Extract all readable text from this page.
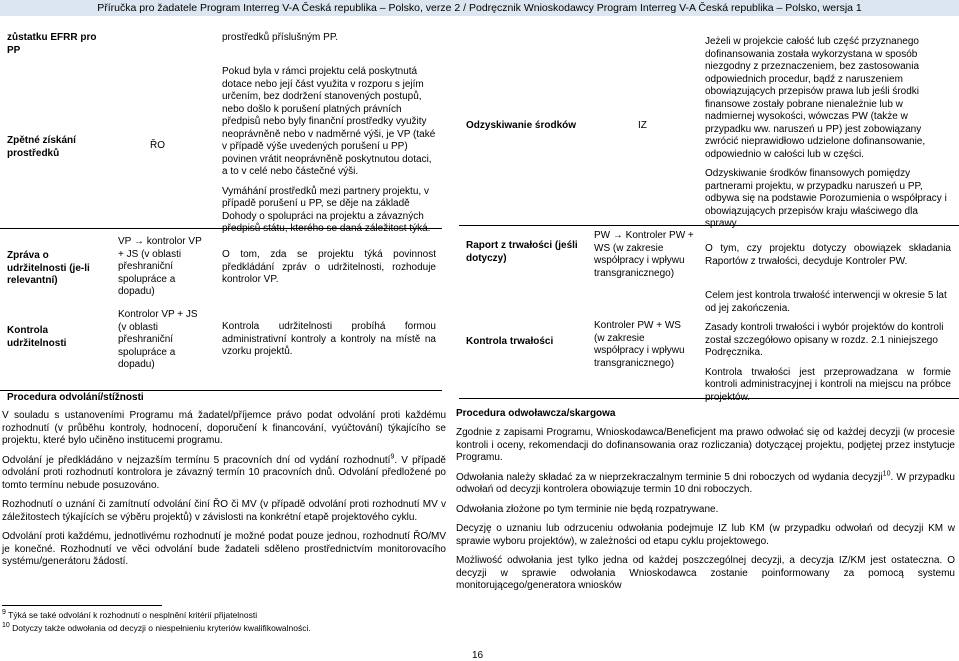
Příručka pro žadatele Program Interreg V-A Česká republika – Polsko, verze 2 / Podręcznik Wnioskodawcy Program Interreg V-A Česká republika – Polsko, wersja 1
zůstatku EFRR pro PP
prostředků příslušným PP.
Zpětné získání prostředků
ŘO
Pokud byla v rámci projektu celá poskytnutá dotace nebo její část využita v rozporu s jejím určením, bez dodržení stanovených postupů, nebo došlo k porušení platných právních předpisů nebo byly finanční prostředky využity neoprávněně nebo v nadměrné výši, je VP (také v případě výše uvedených porušení u PP) povinen vrátit neoprávněně poskytnutou dotaci, a to v celé nebo částečné výši.
Vymáhání prostředků mezi partnery projektu, v případě porušení u PP, se děje na základě Dohody o spolupráci na projektu a závazných předpisů státu, kterého se daná záležitost týká.
Zpráva o udržitelnosti (je-li relevantní)
VP → kontrolor VP + JS (v oblasti přeshraniční spolupráce a dopadu)
O tom, zda se projektu týká povinnost předkládání zpráv o udržitelnosti, rozhoduje kontrolor VP.
Kontrola udržitelnosti
Kontrolor VP + JS (v oblasti přeshraniční spolupráce a dopadu)
Kontrola udržitelnosti probíhá formou administrativní kontroly a kontroly na místě na vzorku projektů.
Odzyskiwanie środków	IZ
Jeżeli w projekcie całość lub część przyznanego dofinansowania została wykorzystana w sposób niezgodny z przeznaczeniem, bez zastosowania odpowiednich procedur, bądź z naruszeniem obowiązujących przepisów prawa lub jeśli środki finansowe zostały pobrane nienależnie lub w nadmiernej wysokości, wówczas PW (także w przypadku ww. naruszeń u PP) jest zobowiązany zwrócić nieprawidłowo udzielone dofinansowanie, odpowiednio w całości lub w części.
Odzyskiwanie środków finansowych pomiędzy partnerami projektu, w przypadku naruszeń u PP, odbywa się na podstawie Porozumienia o współpracy i obowiązujących przepisów kraju właściwego dla sprawy .
Raport z trwałości (jeśli dotyczy)
PW → Kontroler PW + WS (w zakresie współpracy i wpływu transgranicznego)
O tym, czy projektu dotyczy obowiązek składania Raportów z trwałości, decyduje Kontroler PW.
Kontrola trwałości
Kontroler PW + WS (w zakresie współpracy i wpływu transgranicznego)
Celem jest kontrola trwałość interwencji w okresie 5 lat od jej zakończenia.
Zasady kontroli trwałości i wybór projektów do kontroli został szczegółowo opisany w rozdz. 2.1 niniejszego Podręcznika.
Kontrola trwałości jest przeprowadzana w formie kontroli administracyjnej i kontroli na miejscu na próbce projektów.
Procedura odvolání/stížnosti
V souladu s ustanoveními Programu má žadatel/příjemce právo podat odvolání proti každému rozhodnutí (v průběhu kontroly, hodnocení, doporučení k financování, vyúčtování) týkajícího se projektu, které bylo učiněno institucemi programu.
Odvolání je předkládáno v nejzazším termínu 5 pracovních dní od vydání rozhodnutí$^9$. V případě odvolání proti rozhodnutí kontrolora je závazný termín 10 pracovních dnů. Odvolání předložené po tomto termínu nebude posuzováno.
Rozhodnutí o uznání či zamítnutí odvolání činí ŘO či MV (v případě odvolání proti rozhodnutí MV v záležitostech týkajících se výběru projektů) v závislosti na konkrétní etapě projektového cyklu.
Odvolání proti každému, jednotlivému rozhodnutí je možné podat pouze jednou, rozhodnutí ŘO/MV je konečné. Rozhodnutí ve věci odvolání bude žadateli sděleno prostřednictvím monitorovacího systému/generátoru žádostí.
Procedura odwoławcza/skargowa
Zgodnie z zapisami Programu, Wnioskodawca/Beneficjent ma prawo odwołać się od każdej decyzji (w procesie kontroli i oceny, rekomendacji do dofinansowania oraz rozliczania) dotyczącej projektu, podjętej przez instytucje Programu.
Odwołania należy składać za w nieprzekraczalnym terminie 5 dni roboczych od wydania decyzji$^{10}$. W przypadku odwołań od decyzji kontrolera obowiązuje termin 10 dni roboczych.
Odwołania złożone po tym terminie nie będą rozpatrywane.
Decyzję o uznaniu lub odrzuceniu odwołania podejmuje IZ lub KM (w przypadku odwołań od decyzji KM w sprawie wyboru projektów), w zależności od etapu cyklu projektowego.
Możliwość odwołania jest tylko jedna od każdej poszczególnej decyzji, a decyzja IZ/KM jest ostateczna. O decyzji w sprawie odwołania Wnioskodawca zostanie poinformowany za pomocą systemu monitorującego/generatora wniosków
$^9$ Týká se také odvolání k rozhodnutí o nesplnění kritérií přijatelnosti
$^{10}$ Dotyczy także odwołania od decyzji o niespełnieniu kryteriów kwalifikowalności.
16
